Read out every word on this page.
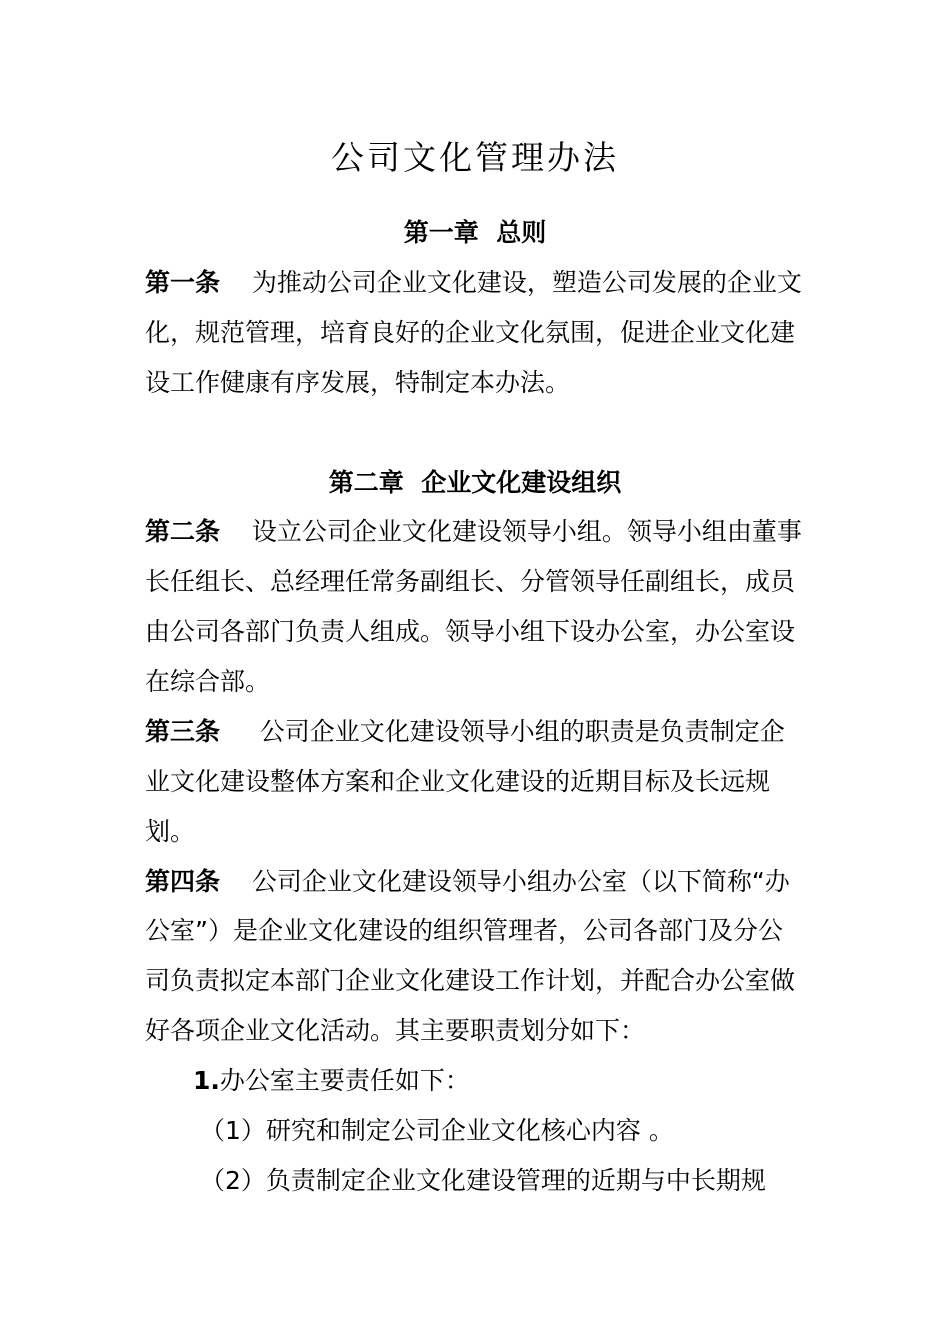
公司文化管理办法
第一章  总则

第一条 为推动公司企业文化建设，塑造公司发展的企业文

化，规范管理，培育良好的企业文化氛围，促进企业文化建

设工作健康有序发展，特制定本办法。

第二章  企业文化建设组织

第二条 设立公司企业文化建设领导小组。领导小组由董事

长任组长、总经理任常务副组长、分管领导任副组长，成员

由公司各部门负责人组成。领导小组下设办公室，办公室设

在综合部。

第三条 公司企业文化建设领导小组的职责是负责制定企

业文化建设整体方案和企业文化建设的近期目标及长远规

划。

第四条 公司企业文化建设领导小组办公室（以下简称“办

公室”）是企业文化建设的组织管理者，公司各部门及分公

司负责拟定本部门企业文化建设工作计划，并配合办公室做

好各项企业文化活动。其主要职责划分如下：

1.办公室主要责任如下：

（1）研究和制定公司企业文化核心内容 。

（2）负责制定企业文化建设管理的近期与中长期规
